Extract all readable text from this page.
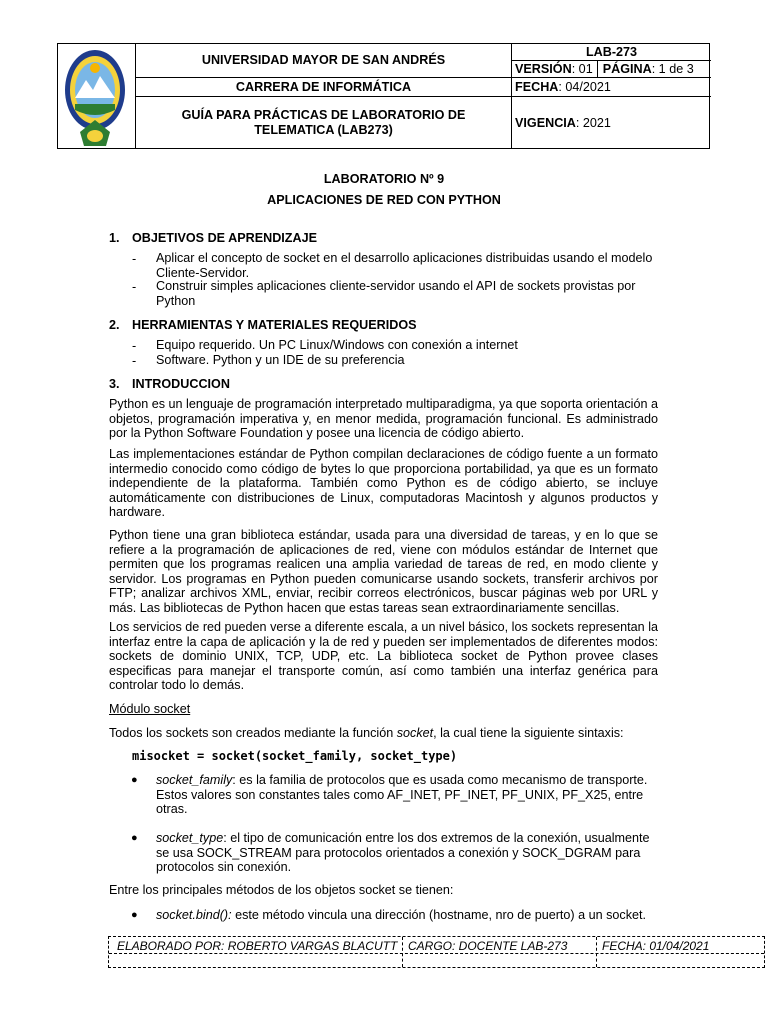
UNIVERSIDAD MAYOR DE SAN ANDRÉS
CARRERA DE INFORMÁTICA
GUÍA PARA PRÁCTICAS DE LABORATORIO DE
TELEMATICA (LAB273)
LAB-273
VERSIÓN : 01 PÁGINA : 1 de 3
FECHA : 04/2021
VIGENCIA : 2021
LABORATORIO Nº 9
APLICACIONES DE RED CON PYTHON
1. OBJETIVOS DE APRENDIZAJE
- Aplicar el concepto de socket en el desarrollo aplicaciones distribuidas usando el modelo Cliente-Servidor.
- Construir simples aplicaciones cliente-servidor usando el API de sockets provistas por Python
2. HERRAMIENTAS Y MATERIALES REQUERIDOS
- Equipo requerido. Un PC Linux/Windows con conexión a internet
- Software. Python y un IDE de su preferencia
3. INTRODUCCION
Python es un lenguaje de programación interpretado multiparadigma, ya que soporta orientación a objetos, programación imperativa y, en menor medida, programación funcional. Es administrado por la Python Software Foundation y posee una licencia de código abierto.
Las implementaciones estándar de Python compilan declaraciones de código fuente a un formato intermedio conocido como código de bytes lo que proporciona portabilidad, ya que es un formato independiente de la plataforma. También como Python es de código abierto, se incluye automáticamente con distribuciones de Linux, computadoras Macintosh y algunos productos y hardware.
Python tiene una gran biblioteca estándar, usada para una diversidad de tareas, y en lo que se refiere a la programación de aplicaciones de red, viene con módulos estándar de Internet que permiten que los programas realicen una amplia variedad de tareas de red, en modo cliente y servidor. Los programas en Python pueden comunicarse usando sockets, transferir archivos por FTP; analizar archivos XML, enviar, recibir correos electrónicos, buscar páginas web por URL y más. Las bibliotecas de Python hacen que estas tareas sean extraordinariamente sencillas.
Los servicios de red pueden verse a diferente escala, a un nivel básico, los sockets representan la interfaz entre la capa de aplicación y la de red y pueden ser implementados de diferentes modos: sockets de dominio UNIX, TCP, UDP, etc. La biblioteca socket de Python provee clases especificas para manejar el transporte común, así como también una interfaz genérica para controlar todo lo demás.
Módulo socket
Todos los sockets son creados mediante la función socket, la cual tiene la siguiente sintaxis:
misocket = socket(socket_family, socket_type)
● socket_family: es la familia de protocolos que es usada como mecanismo de transporte. Estos valores son constantes tales como AF_INET, PF_INET, PF_UNIX, PF_X25, entre otras.
● socket_type: el tipo de comunicación entre los dos extremos de la conexión, usualmente se usa SOCK_STREAM para protocolos orientados a conexión y SOCK_DGRAM para protocolos sin conexión.
Entre los principales métodos de los objetos socket se tienen:
● socket.bind(): este método vincula una dirección (hostname, nro de puerto) a un socket.
ELABORADO POR: ROBERTO VARGAS BLACUTT CARGO: DOCENTE LAB-273	FECHA: 01/04/2021
